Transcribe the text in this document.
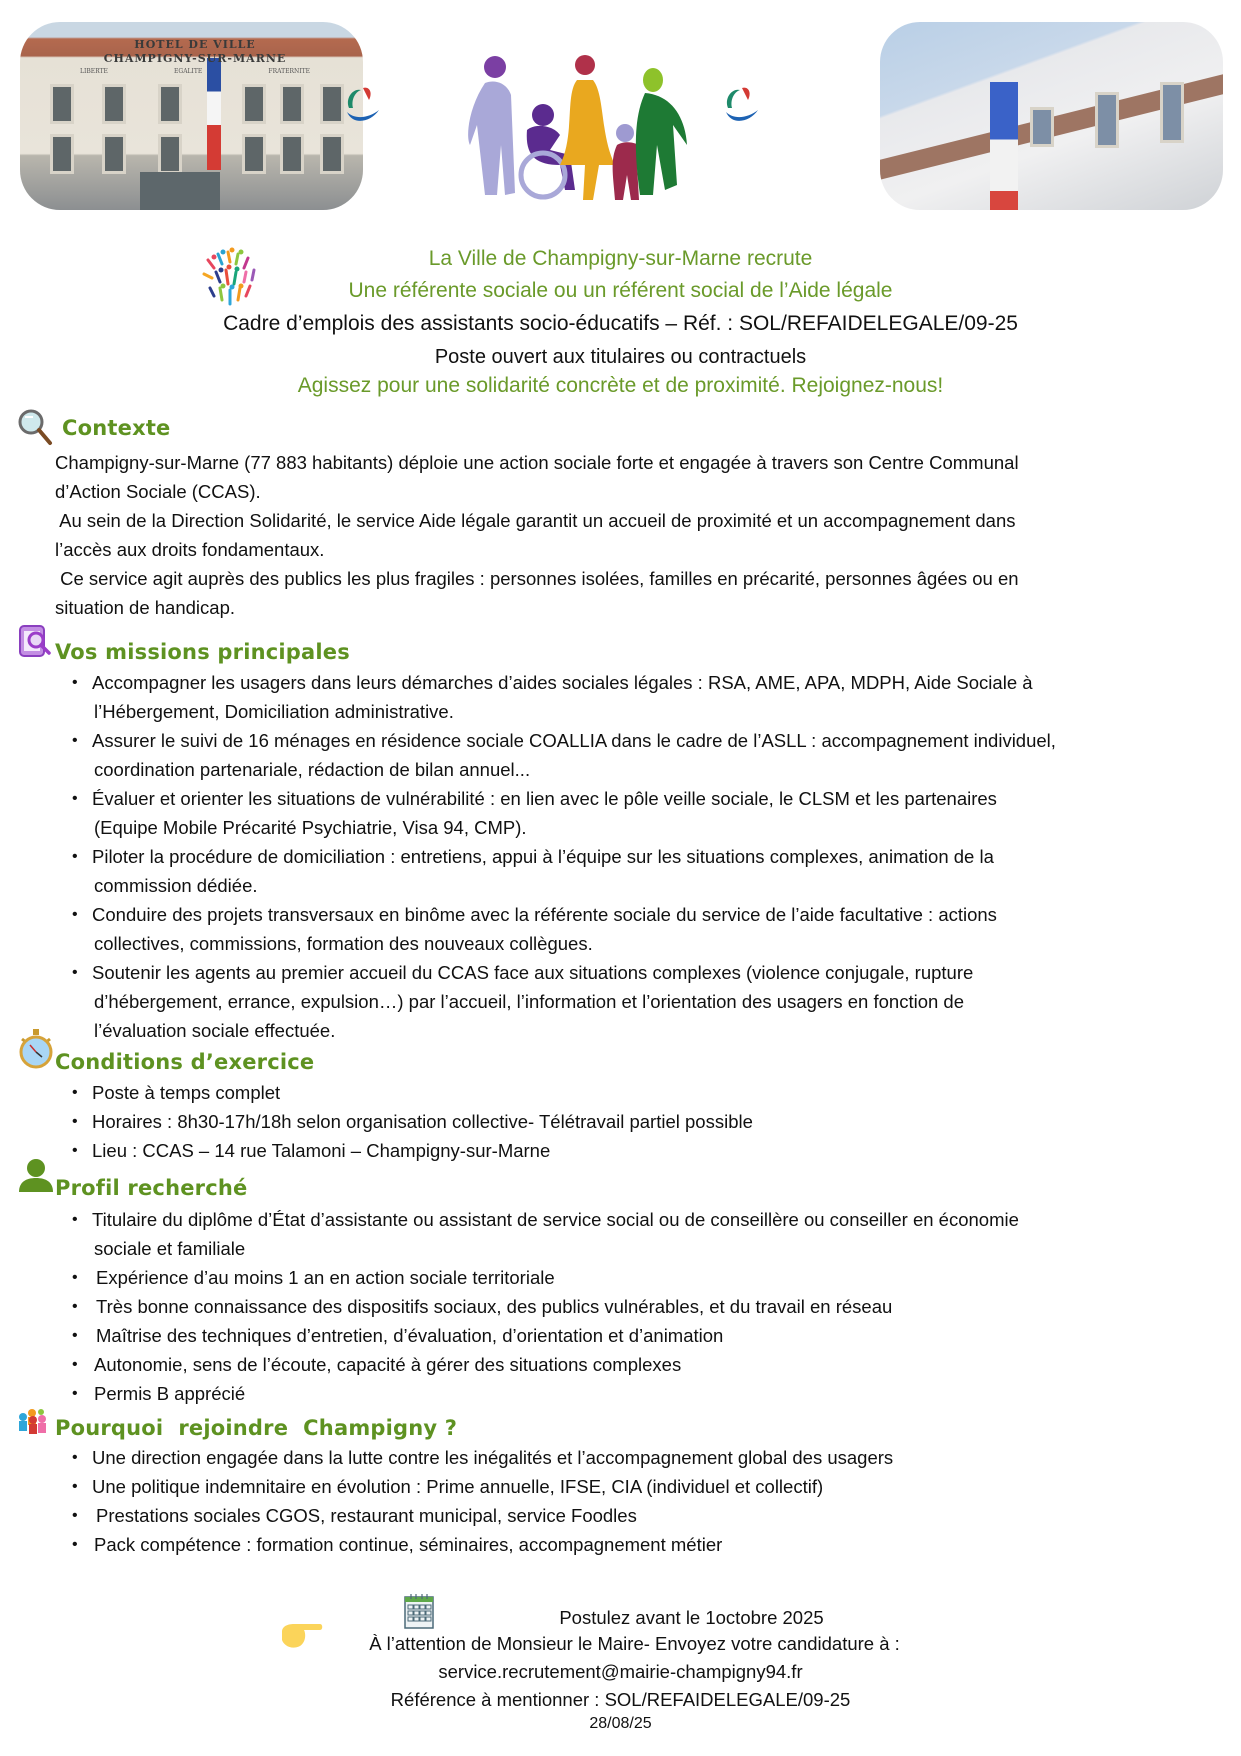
HOTEL DE VILLE
CHAMPIGNY-SUR-MARNE
LIBERTE	EGALITE	FRATERNITE
La Ville de Champigny-sur-Marne recrute
Une référente sociale ou un référent social de l’Aide légale
Cadre d’emplois des assistants socio-éducatifs – Réf. : SOL/REFAIDELEGALE/09-25
Poste ouvert aux titulaires ou contractuels
Agissez pour une solidarité concrète et de proximité. Rejoignez-nous!
Contexte
Champigny-sur-Marne (77 883 habitants) déploie une action sociale forte et engagée à travers son Centre Communal
d’Action Sociale (CCAS).
Au sein de la Direction Solidarité, le service Aide légale garantit un accueil de proximité et un accompagnement dans
l’accès aux droits fondamentaux.
Ce service agit auprès des publics les plus fragiles : personnes isolées, familles en précarité, personnes âgées ou en
situation de handicap.
Vos missions principales
• Accompagner les usagers dans leurs démarches d’aides sociales légales : RSA, AME, APA, MDPH, Aide Sociale à
l’Hébergement, Domiciliation administrative.
• Assurer le suivi de 16 ménages en résidence sociale COALLIA dans le cadre de l’ASLL : accompagnement individuel,
coordination partenariale, rédaction de bilan annuel...
• Évaluer et orienter les situations de vulnérabilité : en lien avec le pôle veille sociale, le CLSM et les partenaires
(Equipe Mobile Précarité Psychiatrie, Visa 94, CMP).
• Piloter la procédure de domiciliation : entretiens, appui à l’équipe sur les situations complexes, animation de la
commission dédiée.
• Conduire des projets transversaux en binôme avec la référente sociale du service de l’aide facultative : actions
collectives, commissions, formation des nouveaux collègues.
• Soutenir les agents au premier accueil du CCAS face aux situations complexes (violence conjugale, rupture
d’hébergement, errance, expulsion…) par l’accueil, l’information et l’orientation des usagers en fonction de
l’évaluation sociale effectuée.
Conditions d’exercice
• Poste à temps complet
• Horaires : 8h30-17h/18h selon organisation collective- Télétravail partiel possible
• Lieu : CCAS – 14 rue Talamoni – Champigny-sur-Marne
Profil recherché
• Titulaire du diplôme d’État d’assistante ou assistant de service social ou de conseillère ou conseiller en économie
sociale et familiale
• Expérience d’au moins 1 an en action sociale territoriale
• Très bonne connaissance des dispositifs sociaux, des publics vulnérables, et du travail en réseau
• Maîtrise des techniques d’entretien, d’évaluation, d’orientation et d’animation
• Autonomie, sens de l’écoute, capacité à gérer des situations complexes
• Permis B apprécié
Pourquoi  rejoindre  Champigny ?
• Une direction engagée dans la lutte contre les inégalités et l’accompagnement global des usagers
• Une politique indemnitaire en évolution : Prime annuelle, IFSE, CIA (individuel et collectif)
• Prestations sociales CGOS, restaurant municipal, service Foodles
• Pack compétence : formation continue, séminaires, accompagnement métier
Postulez avant le 1octobre 2025
À l’attention de Monsieur le Maire- Envoyez votre candidature à :
service.recrutement@mairie-champigny94.fr
Référence à mentionner : SOL/REFAIDELEGALE/09-25
28/08/25
